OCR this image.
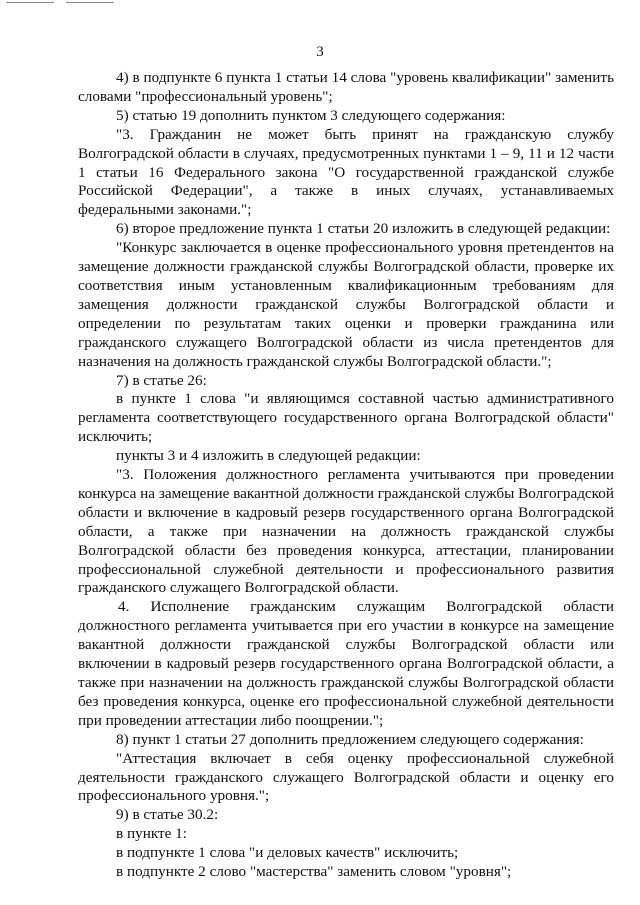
3

4) в подпункте 6 пункта 1 статьи 14 слова "уровень квалификации" заменить словами "профессиональный уровень";

5) статью 19 дополнить пунктом 3 следующего содержания:

"3. Гражданин не может быть принят на гражданскую службу Волгоградской области в случаях, предусмотренных пунктами 1 – 9, 11 и 12 части 1 статьи 16 Федерального закона "О государственной гражданской службе Российской Федерации", а также в иных случаях, устанавливаемых федеральными законами.";

6) второе предложение пункта 1 статьи 20 изложить в следующей редакции:

"Конкурс заключается в оценке профессионального уровня претендентов на замещение должности гражданской службы Волгоградской области, проверке их соответствия иным установленным квалификационным требованиям для замещения должности гражданской службы Волгоградской области и определении по результатам таких оценки и проверки гражданина или гражданского служащего Волгоградской области из числа претендентов для назначения на должность гражданской службы Волгоградской области.";

7) в статье 26:

в пункте 1 слова "и являющимся составной частью административного регламента соответствующего государственного органа Волгоградской области" исключить;

пункты 3 и 4 изложить в следующей редакции:

"3. Положения должностного регламента учитываются при проведении конкурса на замещение вакантной должности гражданской службы Волгоградской области и включение в кадровый резерв государственного органа Волгоградской области, а также при назначении на должность гражданской службы Волгоградской области без проведения конкурса, аттестации, планировании профессиональной служебной деятельности и профессионального развития гражданского служащего Волгоградской области.

4. Исполнение гражданским служащим Волгоградской области должностного регламента учитывается при его участии в конкурсе на замещение вакантной должности гражданской службы Волгоградской области или включении в кадровый резерв государственного органа Волгоградской области, а также при назначении на должность гражданской службы Волгоградской области без проведения конкурса, оценке его профессиональной служебной деятельности при проведении аттестации либо поощрении.";

8) пункт 1 статьи 27 дополнить предложением следующего содержания:

"Аттестация включает в себя оценку профессиональной служебной деятельности гражданского служащего Волгоградской области и оценку его профессионального уровня.";

9) в статье 30.2:

в пункте 1:

в подпункте 1 слова "и деловых качеств" исключить;

в подпункте 2 слово "мастерства" заменить словом "уровня";
